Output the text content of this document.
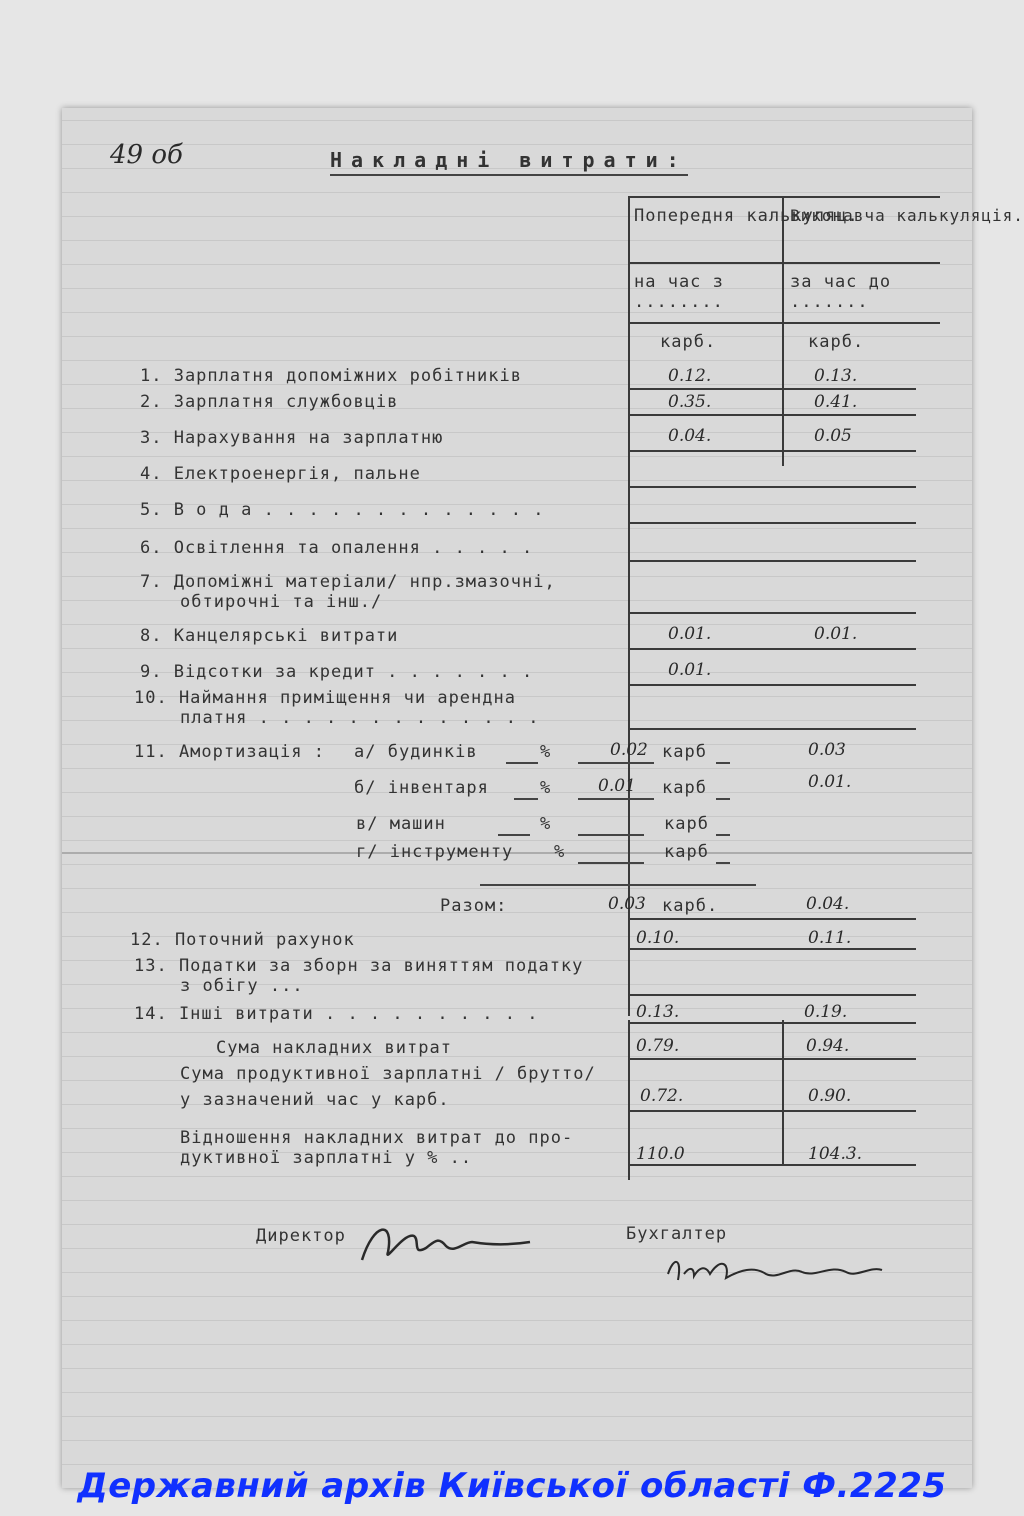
49 об	Накладні витрати:
Попередня калькуляц.
Виконавча калькуляція.
на час з ........
за час до .......
карб.	карб.
1. Зарплатня допоміжних робітників	0.12.	0.13.
2. Зарплатня службовців	0.35.	0.41.
3. Нарахування на зарплатню	0.04.	0.05
4. Електроенергія, пальне
5. В о д а . . . . . . . . . . . . .
6. Освітлення та опалення . . . . .
7. Допоміжні матеріали/ нпр.змазочні,
обтирочні та інш./
8. Канцелярські витрати	0.01.	0.01.
9. Відсотки за кредит . . . . . . .	0.01.
10. Наймання приміщення чи арендна
платня . . . . . . . . . . . . .
11. Амортизація : а/ будинків	%	0.02 карб	0.03
б/ інвентаря	%	0.01 карб	0.01.
в/ машин	%	карб
г/ інструменту %	карб
Разом:	0.03 карб.	0.04.
12. Поточний рахунок	0.10.	0.11.
13. Податки за зборн за виняттям податку
з обігу ...
14. Інші витрати . . . . . . . . . .	0.13.	0.19.
Сума накладних витрат	0.79.	0.94.
Сума продуктивної зарплатні / брутто/
у зазначений час у карб.	0.72.	0.90.
Відношення накладних витрат до про-
дуктивної зарплатні у % ..	110.0	104.3.
Директор	Бухгалтер
Державний архів Київської області Ф.2225
